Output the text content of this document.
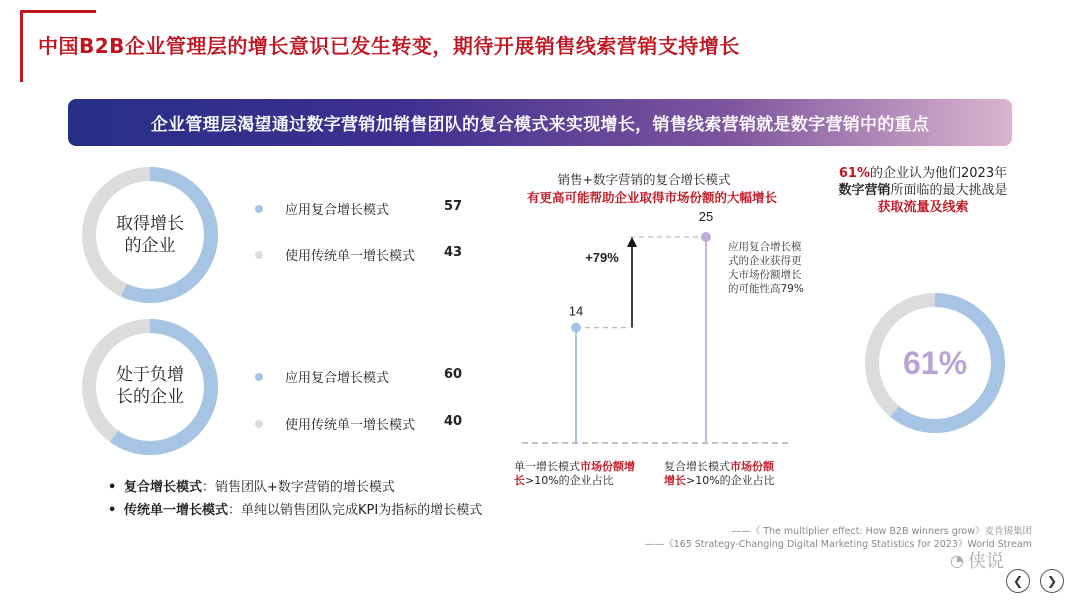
中国B2B企业管理层的增长意识已发生转变，期待开展销售线索营销支持增长
企业管理层渴望通过数字营销加销售团队的复合模式来实现增长，销售线索营销就是数字营销中的重点
取得增长
的企业
应用复合增长模式	57
使用传统单一增长模式 43
处于负增
长的企业
应用复合增长模式	60
使用传统单一增长模式 40
• 复合增长模式：销售团队+数字营销的增长模式
• 传统单一增长模式：单纯以销售团队完成KPI为指标的增长模式
销售+数字营销的复合增长模式
有更高可能帮助企业取得市场份额的大幅增长
14
25
+79%
应用复合增长模式的企业获得更大市场份额增长的可能性高79%
单一增长模式市场份额增
长>10%的企业占比
复合增长模式市场份额
增长>10%的企业占比
61%的企业认为他们2023年
数字营销所面临的最大挑战是
获取流量及线索
61%
——《 The multiplier effect: How B2B winners grow》麦肯锡集团
——《165 Strategy-Changing Digital Marketing Statistics for 2023》World Stream
◔ 侠说
❮ ❯
